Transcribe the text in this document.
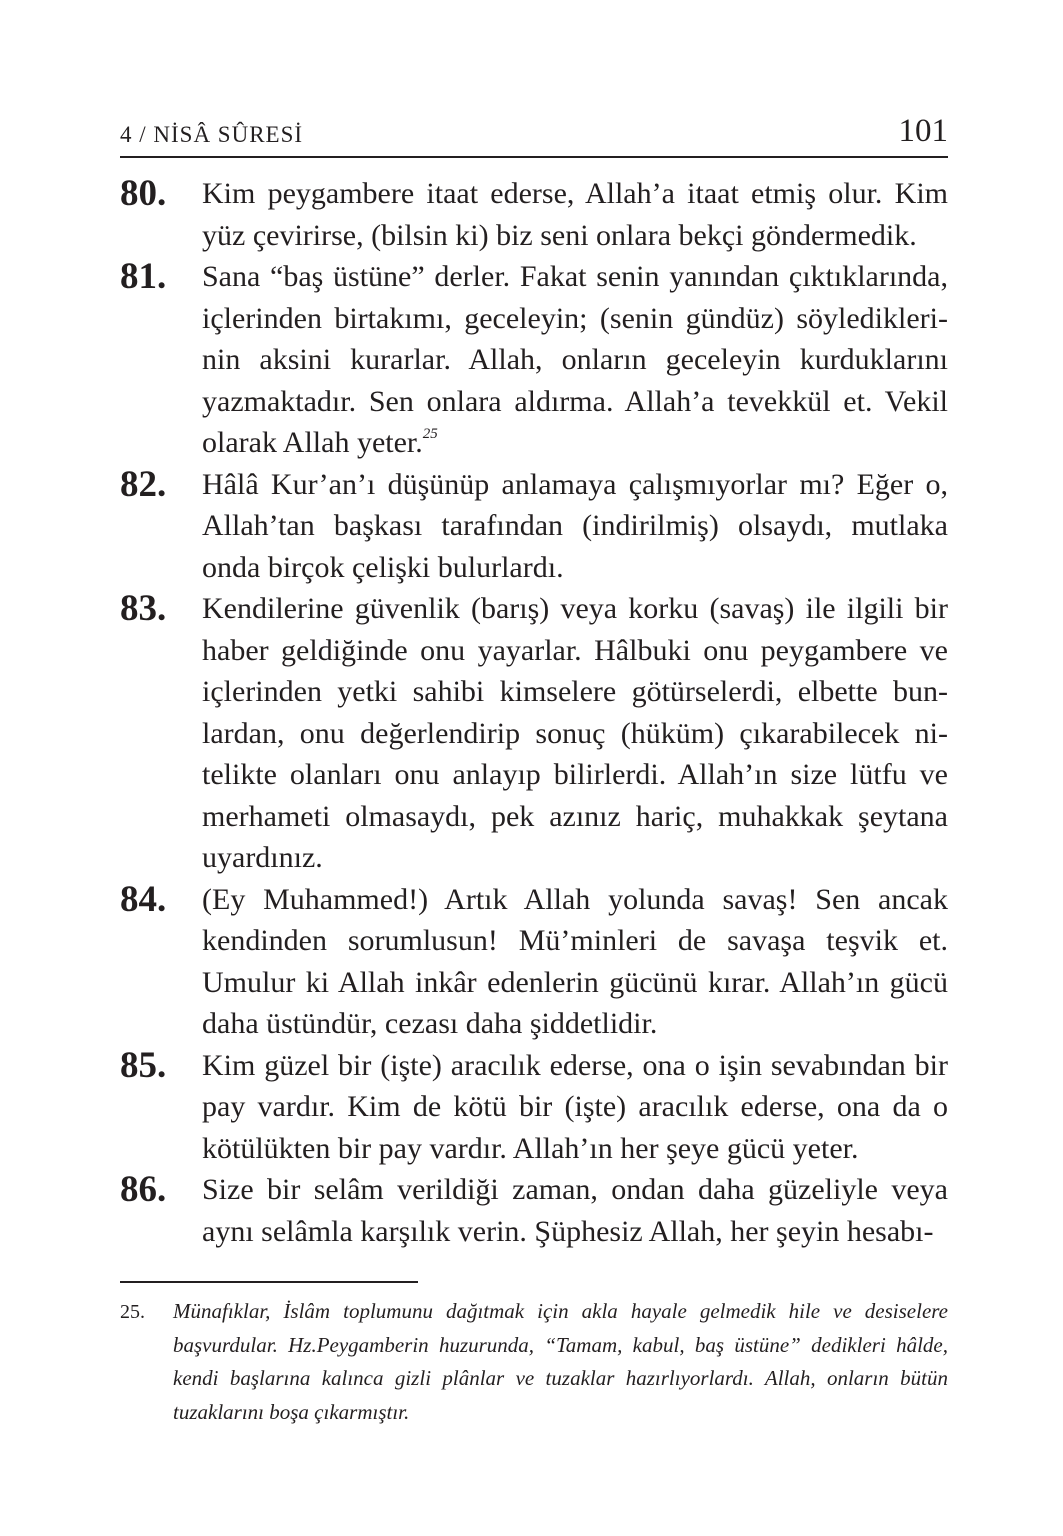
4 / NİSÂ SÛRESİ	101
80. Kim peygambere itaat ederse, Allah’a itaat etmiş olur. Kim yüz çevirirse, (bilsin ki) biz seni onlara bekçi göndermedik.
81. Sana “baş üstüne” derler. Fakat senin yanından çıktıklarında, içlerinden birtakımı, geceleyin; (senin gündüz) söylediklerinin aksini kurarlar. Allah, onların geceleyin kurduklarını yazmaktadır. Sen onlara aldırma. Allah’a tevekkül et. Vekil olarak Allah yeter.$^{25}$
82. Hâlâ Kur’an’ı düşünüp anlamaya çalışmıyorlar mı? Eğer o, Allah’tan başkası tarafından (indirilmiş) olsaydı, mutlaka onda birçok çelişki bulurlardı.
83. Kendilerine güvenlik (barış) veya korku (savaş) ile ilgili bir haber geldiğinde onu yayarlar. Hâlbuki onu peygambere ve içlerinden yetki sahibi kimselere götürselerdi, elbette bunlardan, onu değerlendirip sonuç (hüküm) çıkarabilecek nitelikte olanları onu anlayıp bilirlerdi. Allah’ın size lütfu ve merhameti olmasaydı, pek azınız hariç, muhakkak şeytana uyardınız.
84. (Ey Muhammed!) Artık Allah yolunda savaş! Sen ancak kendinden sorumlusun! Mü’minleri de savaşa teşvik et. Umulur ki Allah inkâr edenlerin gücünü kırar. Allah’ın gücü daha üstündür, cezası daha şiddetlidir.
85. Kim güzel bir (işte) aracılık ederse, ona o işin sevabından bir pay vardır. Kim de kötü bir (işte) aracılık ederse, ona da o kötülükten bir pay vardır. Allah’ın her şeye gücü yeter.
86. Size bir selâm verildiği zaman, ondan daha güzeliyle veya aynı selâmla karşılık verin. Şüphesiz Allah, her şeyin hesabı-
25. Münafıklar, İslâm toplumunu dağıtmak için akla hayale gelmedik hile ve desiselere başvurdular. Hz.Peygamberin huzurunda, “Tamam, kabul, baş üstüne” dedikleri hâlde, kendi başlarına kalınca gizli plânlar ve tuzaklar hazırlıyorlardı. Allah, onların bütün tuzaklarını boşa çıkarmıştır.
